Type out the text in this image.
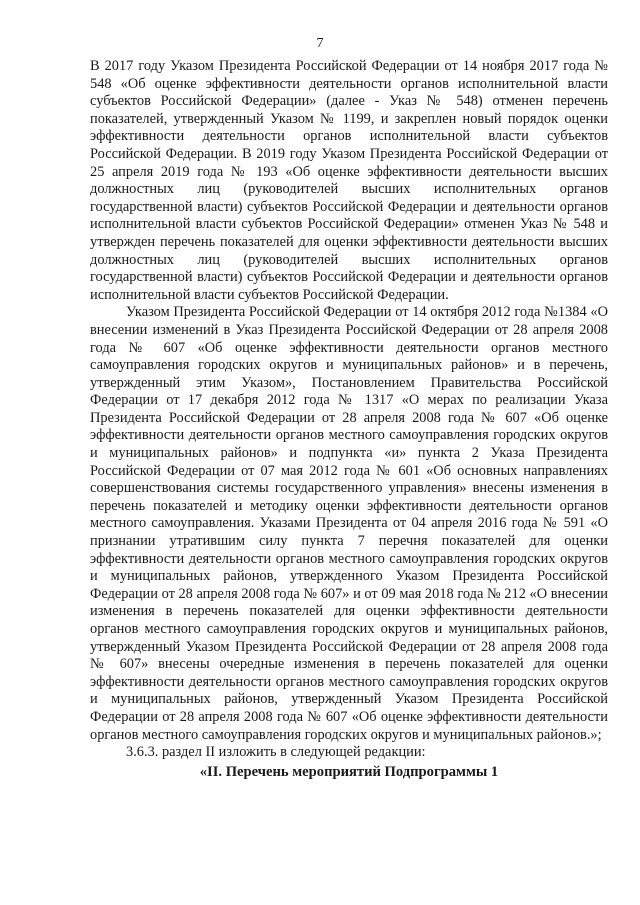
7

В 2017 году Указом Президента Российской Федерации от 14 ноября 2017 года № 548 «Об оценке эффективности деятельности органов исполнительной власти субъектов Российской Федерации» (далее - Указ № 548) отменен перечень показателей, утвержденный Указом № 1199, и закреплен новый порядок оценки эффективности деятельности органов исполнительной власти субъектов Российской Федерации. В 2019 году Указом Президента Российской Федерации от 25 апреля 2019 года № 193 «Об оценке эффективности деятельности высших должностных лиц (руководителей высших исполнительных органов государственной власти) субъектов Российской Федерации и деятельности органов исполнительной власти субъектов Российской Федерации» отменен Указ № 548 и утвержден перечень показателей для оценки эффективности деятельности высших должностных лиц (руководителей высших исполнительных органов государственной власти) субъектов Российской Федерации и деятельности органов исполнительной власти субъектов Российской Федерации.

Указом Президента Российской Федерации от 14 октября 2012 года №1384 «О внесении изменений в Указ Президента Российской Федерации от 28 апреля 2008 года № 607 «Об оценке эффективности деятельности органов местного самоуправления городских округов и муниципальных районов» и в перечень, утвержденный этим Указом», Постановлением Правительства Российской Федерации от 17 декабря 2012 года № 1317 «О мерах по реализации Указа Президента Российской Федерации от 28 апреля 2008 года № 607 «Об оценке эффективности деятельности органов местного самоуправления городских округов и муниципальных районов» и подпункта «и» пункта 2 Указа Президента Российской Федерации от 07 мая 2012 года № 601 «Об основных направлениях совершенствования системы государственного управления» внесены изменения в перечень показателей и методику оценки эффективности деятельности органов местного самоуправления. Указами Президента от 04 апреля 2016 года № 591 «О признании утратившим силу пункта 7 перечня показателей для оценки эффективности деятельности органов местного самоуправления городских округов и муниципальных районов, утвержденного Указом Президента Российской Федерации от 28 апреля 2008 года № 607» и от 09 мая 2018 года № 212 «О внесении изменения в перечень показателей для оценки эффективности деятельности органов местного самоуправления городских округов и муниципальных районов, утвержденный Указом Президента Российской Федерации от 28 апреля 2008 года № 607» внесены очередные изменения в перечень показателей для оценки эффективности деятельности органов местного самоуправления городских округов и муниципальных районов, утвержденный Указом Президента Российской Федерации от 28 апреля 2008 года № 607 «Об оценке эффективности деятельности органов местного самоуправления городских округов и муниципальных районов.»;

3.6.3. раздел II изложить в следующей редакции:

«II. Перечень мероприятий Подпрограммы 1
